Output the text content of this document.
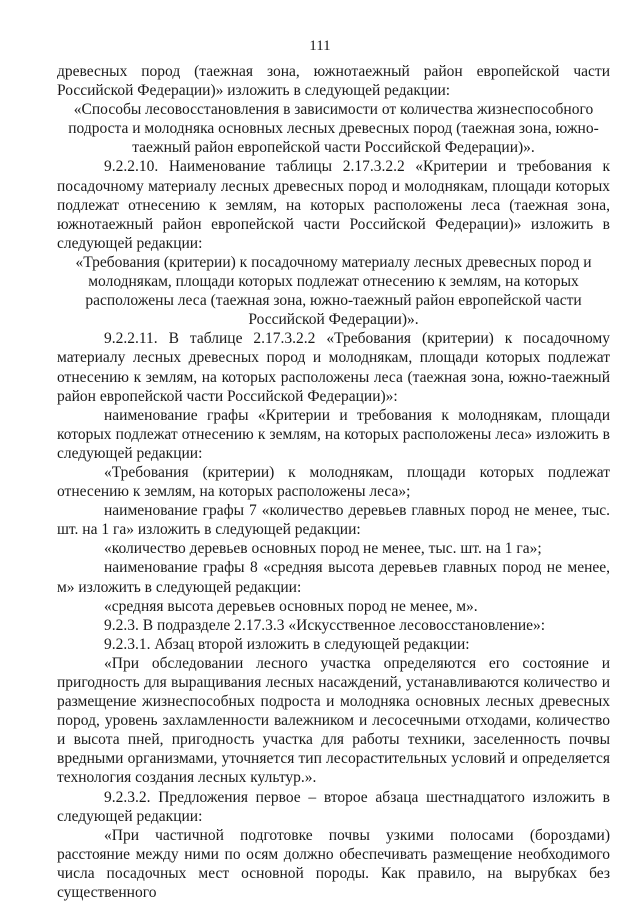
111

древесных пород (таежная зона, южнотаежный район европейской части Российской Федерации)» изложить в следующей редакции:

«Способы лесовосстановления в зависимости от количества жизнеспособного подроста и молодняка основных лесных древесных пород (таежная зона, южно-таежный район европейской части Российской Федерации)».

9.2.2.10. Наименование таблицы 2.17.3.2.2 «Критерии и требования к посадочному материалу лесных древесных пород и молоднякам, площади которых подлежат отнесению к землям, на которых расположены леса (таежная зона, южнотаежный район европейской части Российской Федерации)» изложить в следующей редакции:

«Требования (критерии) к посадочному материалу лесных древесных пород и молоднякам, площади которых подлежат отнесению к землям, на которых расположены леса (таежная зона, южно-таежный район европейской части Российской Федерации)».

9.2.2.11. В таблице 2.17.3.2.2 «Требования (критерии) к посадочному материалу лесных древесных пород и молоднякам, площади которых подлежат отнесению к землям, на которых расположены леса (таежная зона, южно-таежный район европейской части Российской Федерации)»:

наименование графы «Критерии и требования к молоднякам, площади которых подлежат отнесению к землям, на которых расположены леса» изложить в следующей редакции:

«Требования (критерии) к молоднякам, площади которых подлежат отнесению к землям, на которых расположены леса»;

наименование графы 7 «количество деревьев главных пород не менее, тыс. шт. на 1 га» изложить в следующей редакции:

«количество деревьев основных пород не менее, тыс. шт. на 1 га»;

наименование графы 8 «средняя высота деревьев главных пород не менее, м» изложить в следующей редакции:

«средняя высота деревьев основных пород не менее, м».

9.2.3. В подразделе 2.17.3.3 «Искусственное лесовосстановление»:

9.2.3.1. Абзац второй изложить в следующей редакции:

«При обследовании лесного участка определяются его состояние и пригодность для выращивания лесных насаждений, устанавливаются количество и размещение жизнеспособных подроста и молодняка основных лесных древесных пород, уровень захламленности валежником и лесосечными отходами, количество и высота пней, пригодность участка для работы техники, заселенность почвы вредными организмами, уточняется тип лесорастительных условий и определяется технология создания лесных культур.».

9.2.3.2. Предложения первое – второе абзаца шестнадцатого изложить в следующей редакции:

«При частичной подготовке почвы узкими полосами (бороздами) расстояние между ними по осям должно обеспечивать размещение необходимого числа посадочных мест основной породы. Как правило, на вырубках без существенного
